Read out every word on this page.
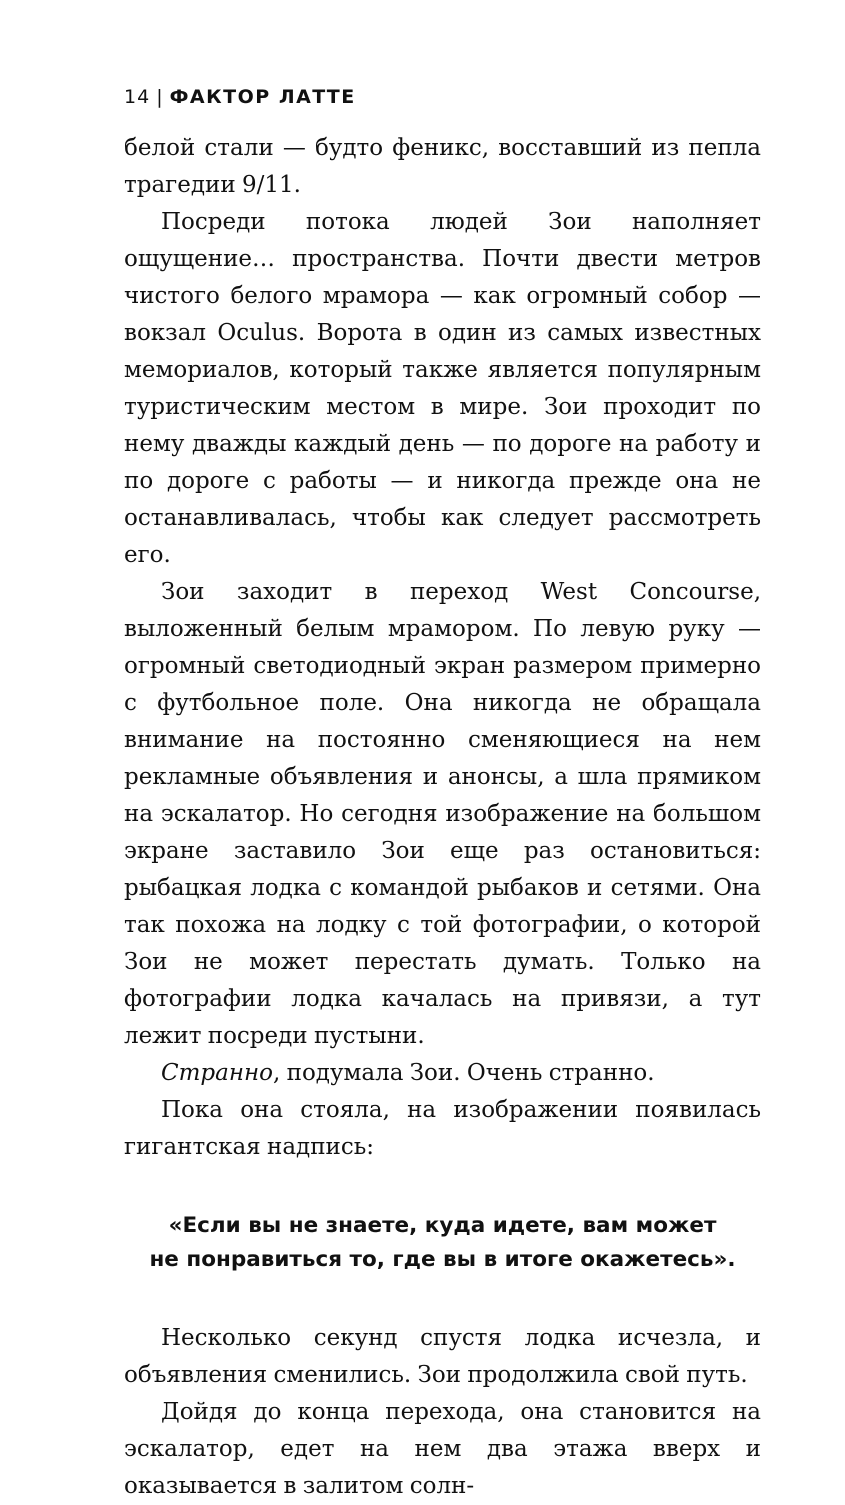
14 | ФАКТОР ЛАТТЕ

белой стали — будто феникс, восставший из пепла трагедии 9/11.

Посреди потока людей Зои наполняет ощущение… пространства. Почти двести метров чистого белого мрамора — как огромный собор — вокзал Oculus. Ворота в один из самых известных мемориалов, который также является популярным туристическим местом в мире. Зои проходит по нему дважды каждый день — по дороге на работу и по дороге с работы — и никогда прежде она не останавливалась, чтобы как следует рассмотреть его.

Зои заходит в переход West Concourse, выложенный белым мрамором. По левую руку — огромный светодиодный экран размером примерно с футбольное поле. Она никогда не обращала внимание на постоянно сменяющиеся на нем рекламные объявления и анонсы, а шла прямиком на эскалатор. Но сегодня изображение на большом экране заставило Зои еще раз остановиться: рыбацкая лодка с командой рыбаков и сетями. Она так похожа на лодку с той фотографии, о которой Зои не может перестать думать. Только на фотографии лодка качалась на привязи, а тут лежит посреди пустыни.

Странно, подумала Зои. Очень странно.

Пока она стояла, на изображении появилась гигантская надпись:

«Если вы не знаете, куда идете, вам может
не понравиться то, где вы в итоге окажетесь».

Несколько секунд спустя лодка исчезла, и объявления сменились. Зои продолжила свой путь.

Дойдя до конца перехода, она становится на эскалатор, едет на нем два этажа вверх и оказывается в залитом солн-
